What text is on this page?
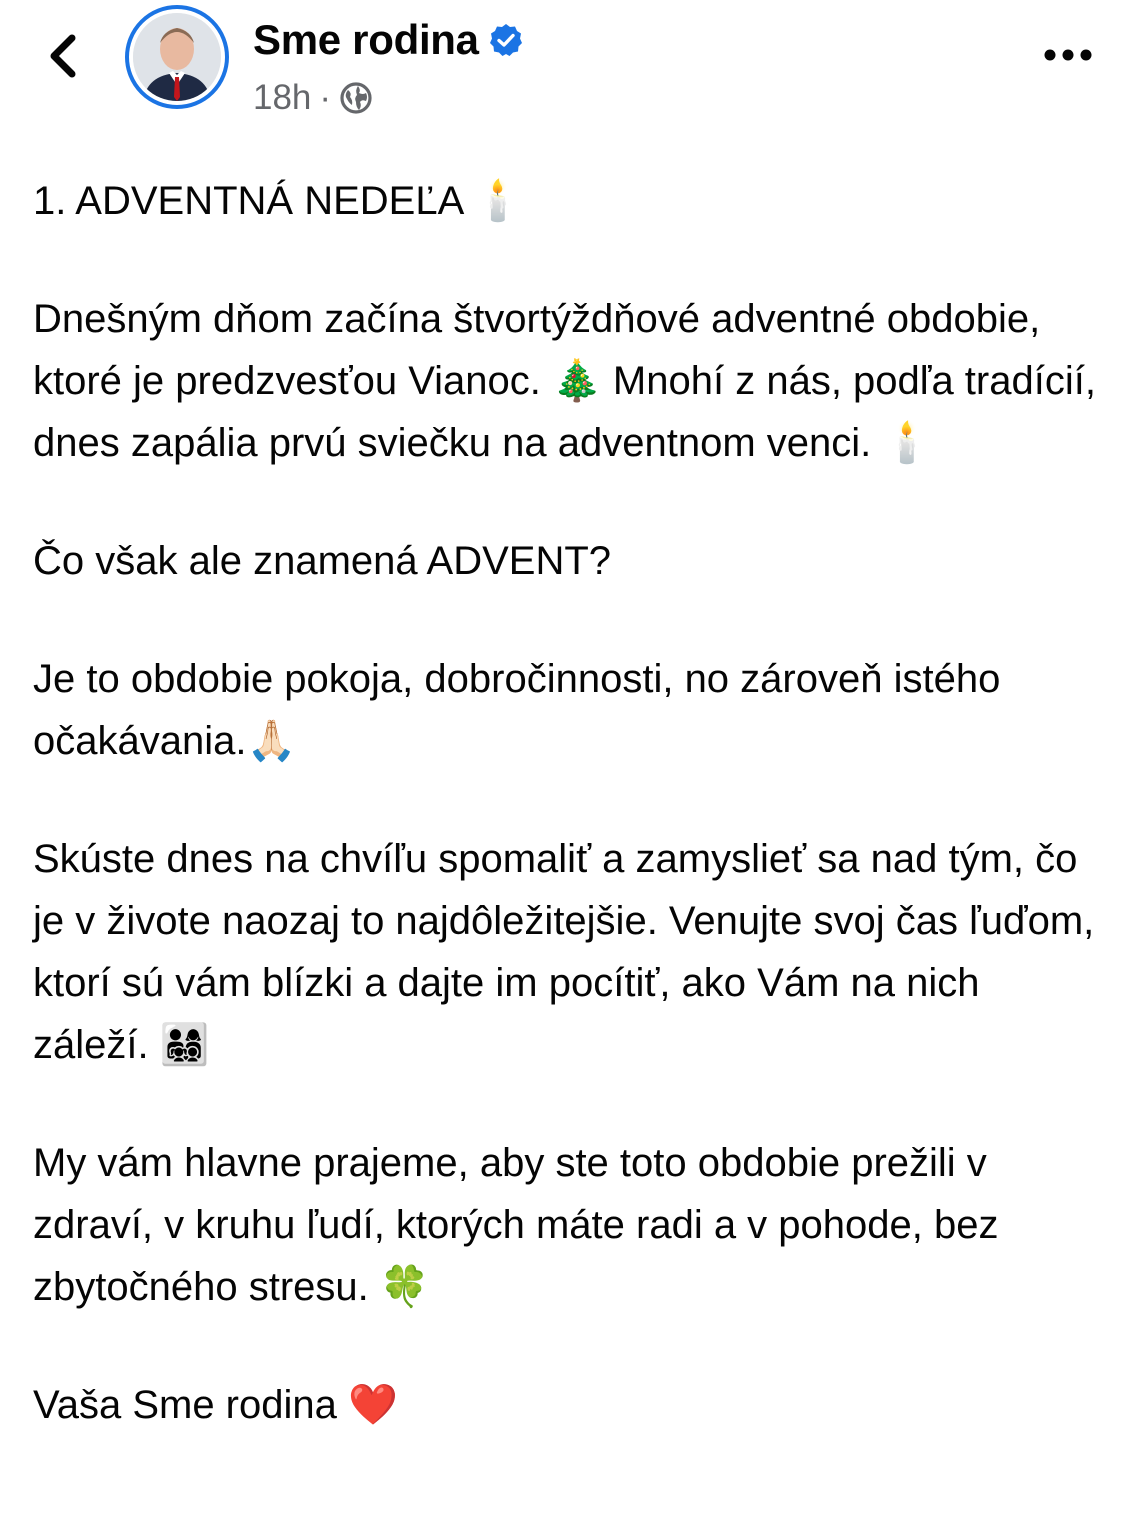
Sme rodina
18h ·

1. ADVENTNÁ NEDEĽA 🕯️

Dnešným dňom začína štvortýždňové adventné obdobie, ktoré je predzvesťou Vianoc. 🎄 Mnohí z nás, podľa tradícií, dnes zapália prvú sviečku na adventnom venci. 🕯️

Čo však ale znamená ADVENT?

Je to obdobie pokoja, dobročinnosti, no zároveň istého očakávania.🙏🏻

Skúste dnes na chvíľu spomaliť a zamyslieť sa nad tým, čo je v živote naozaj to najdôležitejšie. Venujte svoj čas ľuďom, ktorí sú vám blízki a dajte im pocítiť, ako Vám na nich záleží. 👨‍👩‍👧‍👦

My vám hlavne prajeme, aby ste toto obdobie prežili v zdraví, v kruhu ľudí, ktorých máte radi a v pohode, bez zbytočného stresu. 🍀

Vaša Sme rodina ❤️
